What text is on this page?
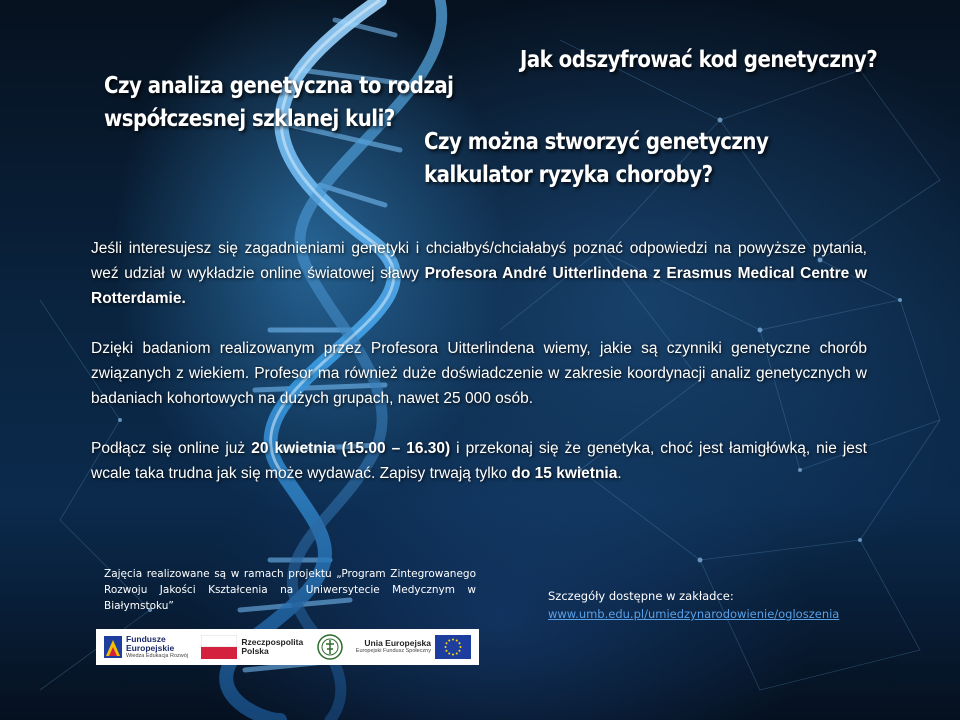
Czy analiza genetyczna to rodzaj
współczesnej szklanej kuli?
Jak odszyfrować kod genetyczny?
Czy można stworzyć genetyczny
kalkulator ryzyka choroby?

Jeśli interesujesz się zagadnieniami genetyki i chciałbyś/chciałabyś poznać odpowiedzi na powyższe pytania, weź udział w wykładzie online światowej sławy Profesora André Uitterlindena z Erasmus Medical Centre w Rotterdamie.

Dzięki badaniom realizowanym przez Profesora Uitterlindena wiemy, jakie są czynniki genetyczne chorób związanych z wiekiem. Profesor ma również duże doświadczenie w zakresie koordynacji analiz genetycznych w badaniach kohortowych na dużych grupach, nawet 25 000 osób.

Podłącz się online już 20 kwietnia (15.00 – 16.30) i przekonaj się że genetyka, choć jest łamigłówką, nie jest wcale taka trudna jak się może wydawać. Zapisy trwają tylko do 15 kwietnia.

Zajęcia realizowane są w ramach projektu „Program Zintegrowanego Rozwoju Jakości Kształcenia na Uniwersytecie Medycznym w Białymstoku”
Szczegóły dostępne w zakładce:
www.umb.edu.pl/umiedzynarodowienie/ogloszenia
Fundusze
Europejskie
Wiedza Edukacja Rozwój
Rzeczpospolita
Polska
Unia Europejska
Europejski Fundusz Społeczny
